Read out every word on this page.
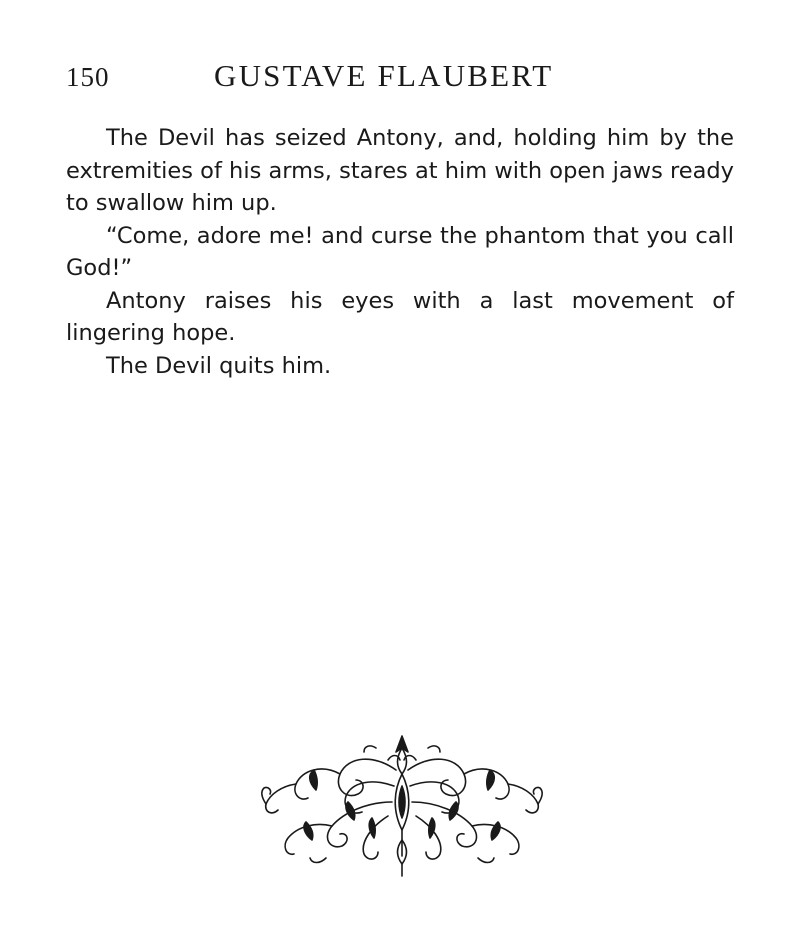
150	GUSTAVE FLAUBERT

The Devil has seized Antony, and, holding him by the extremities of his arms, stares at him with open jaws ready to swallow him up.

“Come, adore me! and curse the phantom that you call God!”

Antony raises his eyes with a last movement of lingering hope.

The Devil quits him.
